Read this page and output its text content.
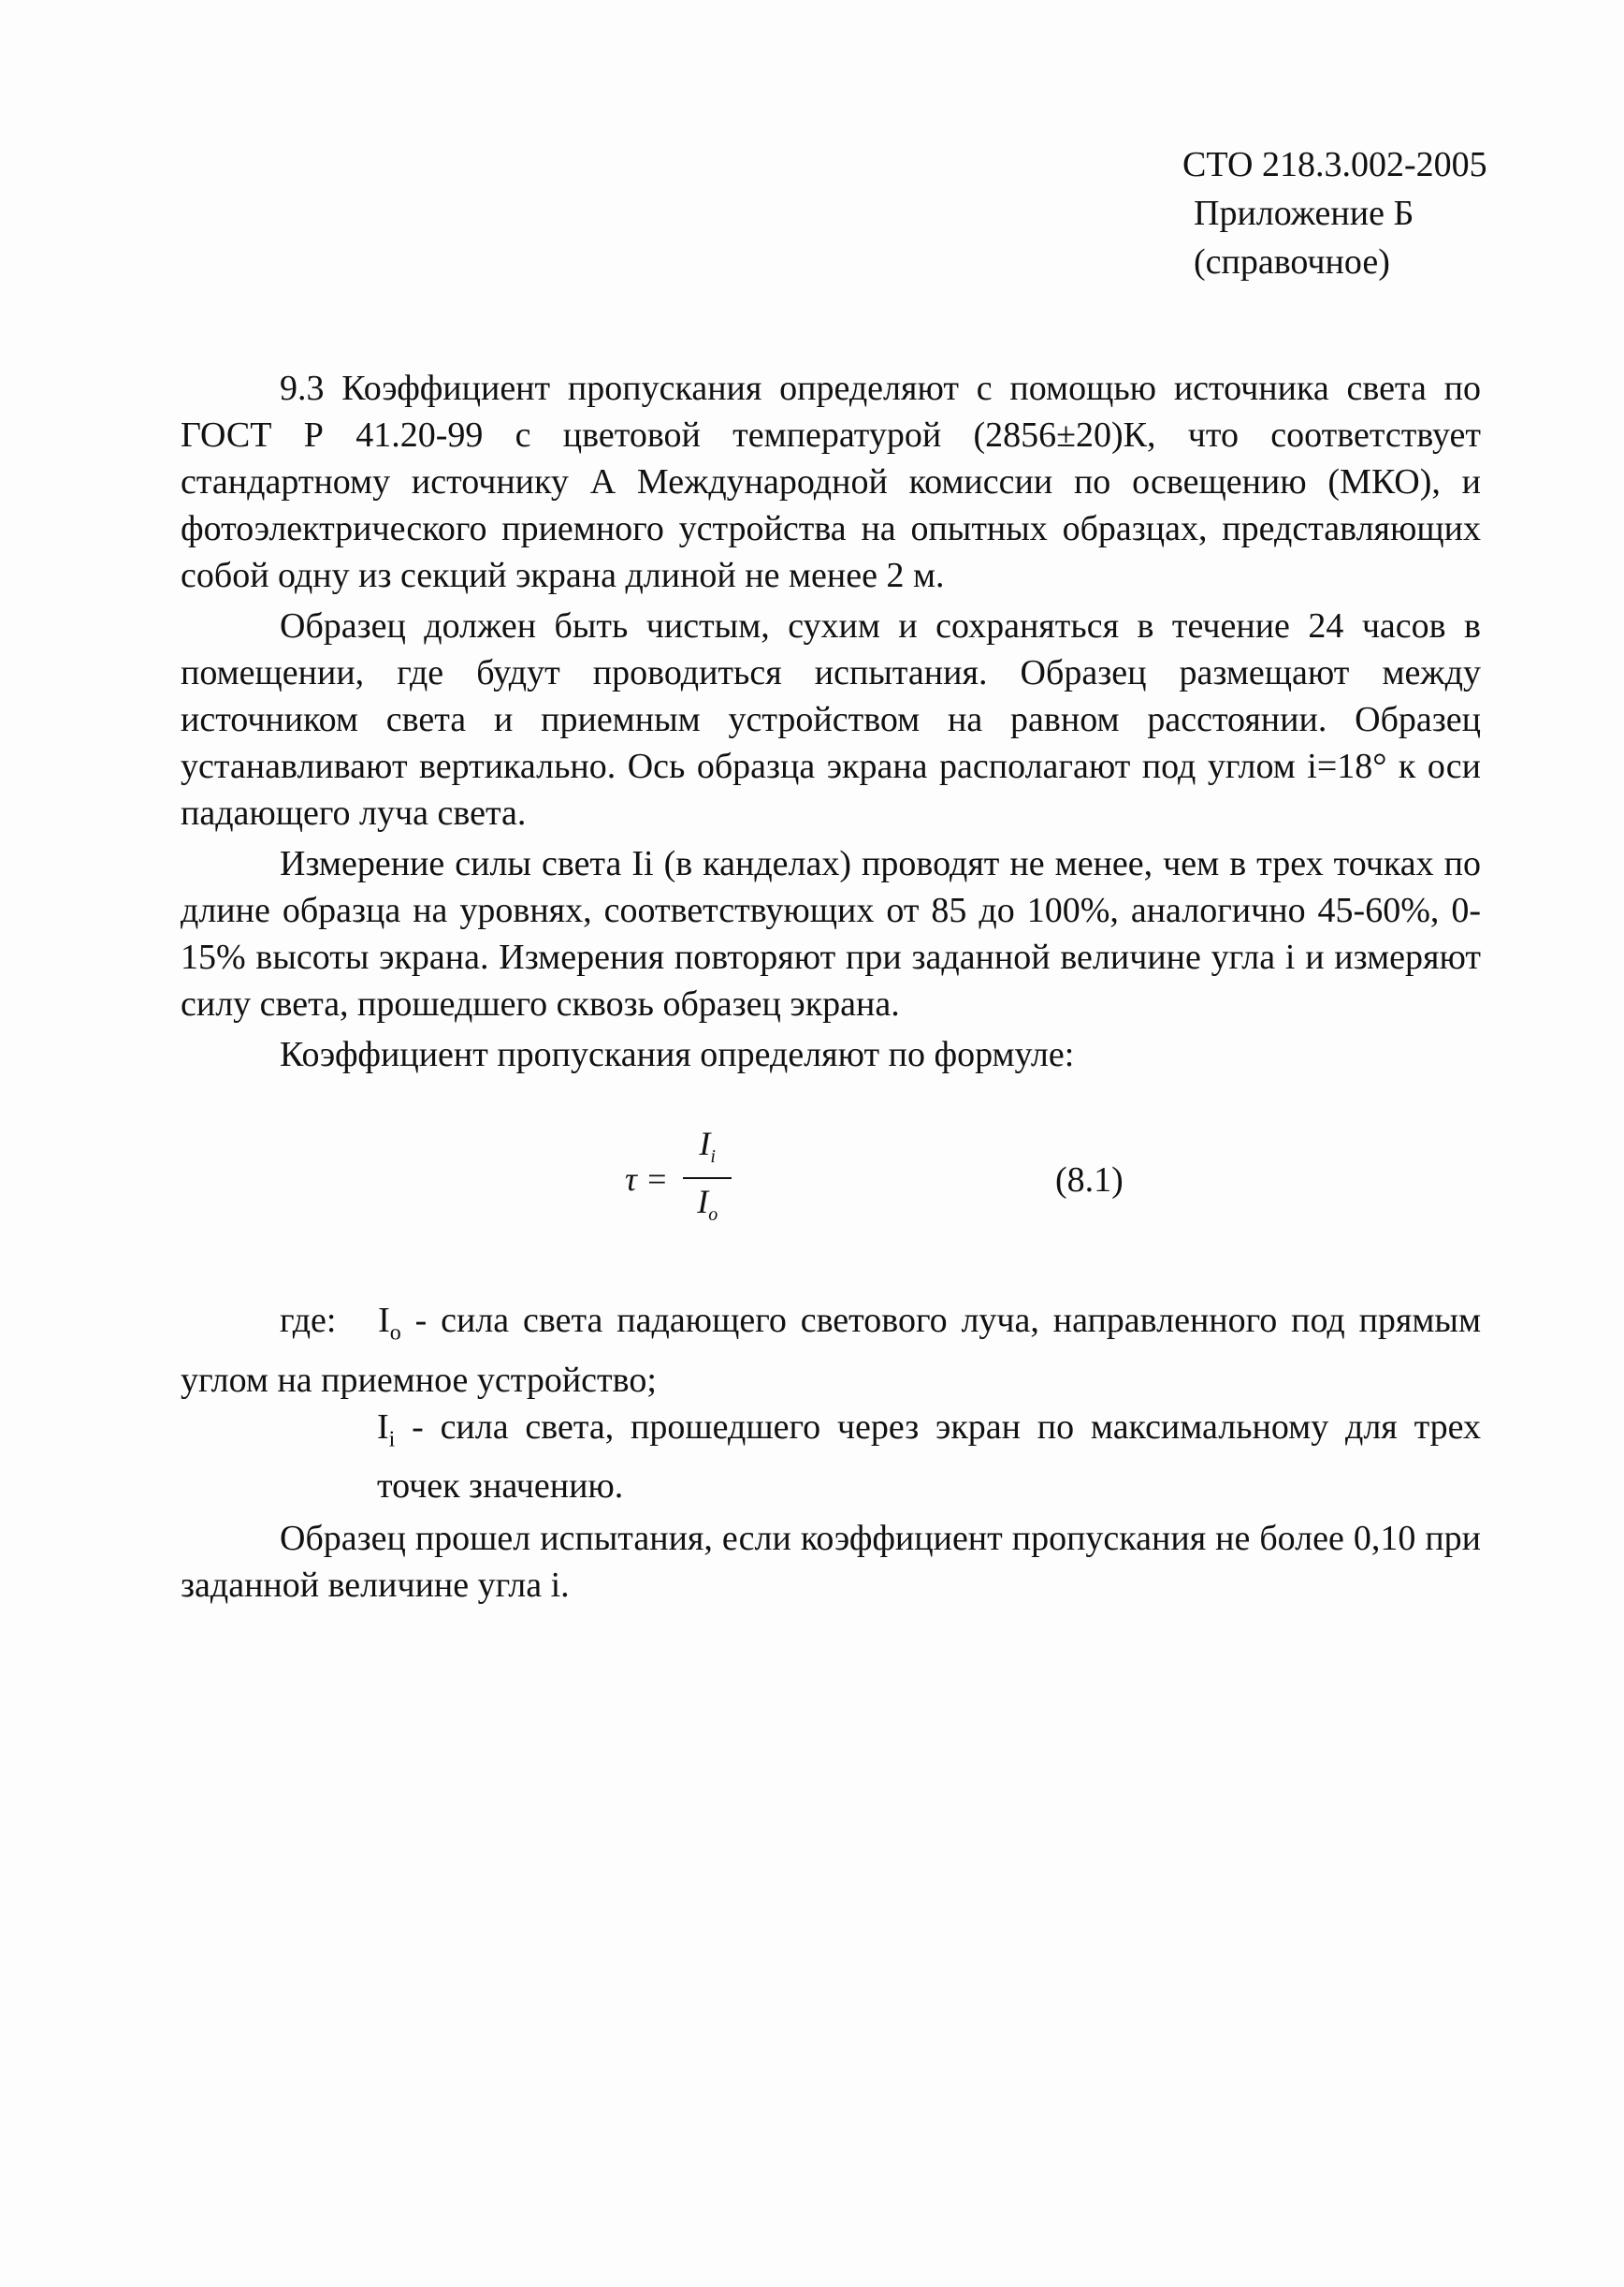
СТО 218.3.002-2005
Приложение Б
(справочное)

9.3 Коэффициент пропускания определяют с помощью источника света по ГОСТ Р 41.20-99 с цветовой температурой (2856±20)К, что соответствует стандартному источнику А Международной комиссии по освещению (МКО), и фотоэлектрического приемного устройства на опытных образцах, представляющих собой одну из секций экрана длиной не менее 2 м.

Образец должен быть чистым, сухим и сохраняться в течение 24 часов в помещении, где будут проводиться испытания. Образец размещают между источником света и приемным устройством на равном расстоянии. Образец устанавливают вертикально. Ось образца экрана располагают под углом i=18° к оси падающего луча света.

Измерение силы света Ii (в канделах) проводят не менее, чем в трех точках по длине образца на уровнях, соответствующих от 85 до 100%, аналогично 45-60%, 0-15% высоты экрана. Измерения повторяют при заданной величине угла i и измеряют силу света, прошедшего сквозь образец экрана.

Коэффициент пропускания определяют по формуле:

$\tau = \frac{I_i}{I_o}$	(8.1)

где: $I_o$ - сила света падающего светового луча, направленного под прямым углом на приемное устройство;

$I_i$ - сила света, прошедшего через экран по максимальному для трех точек значению.

Образец прошел испытания, если коэффициент пропускания не более 0,10 при заданной величине угла i.
